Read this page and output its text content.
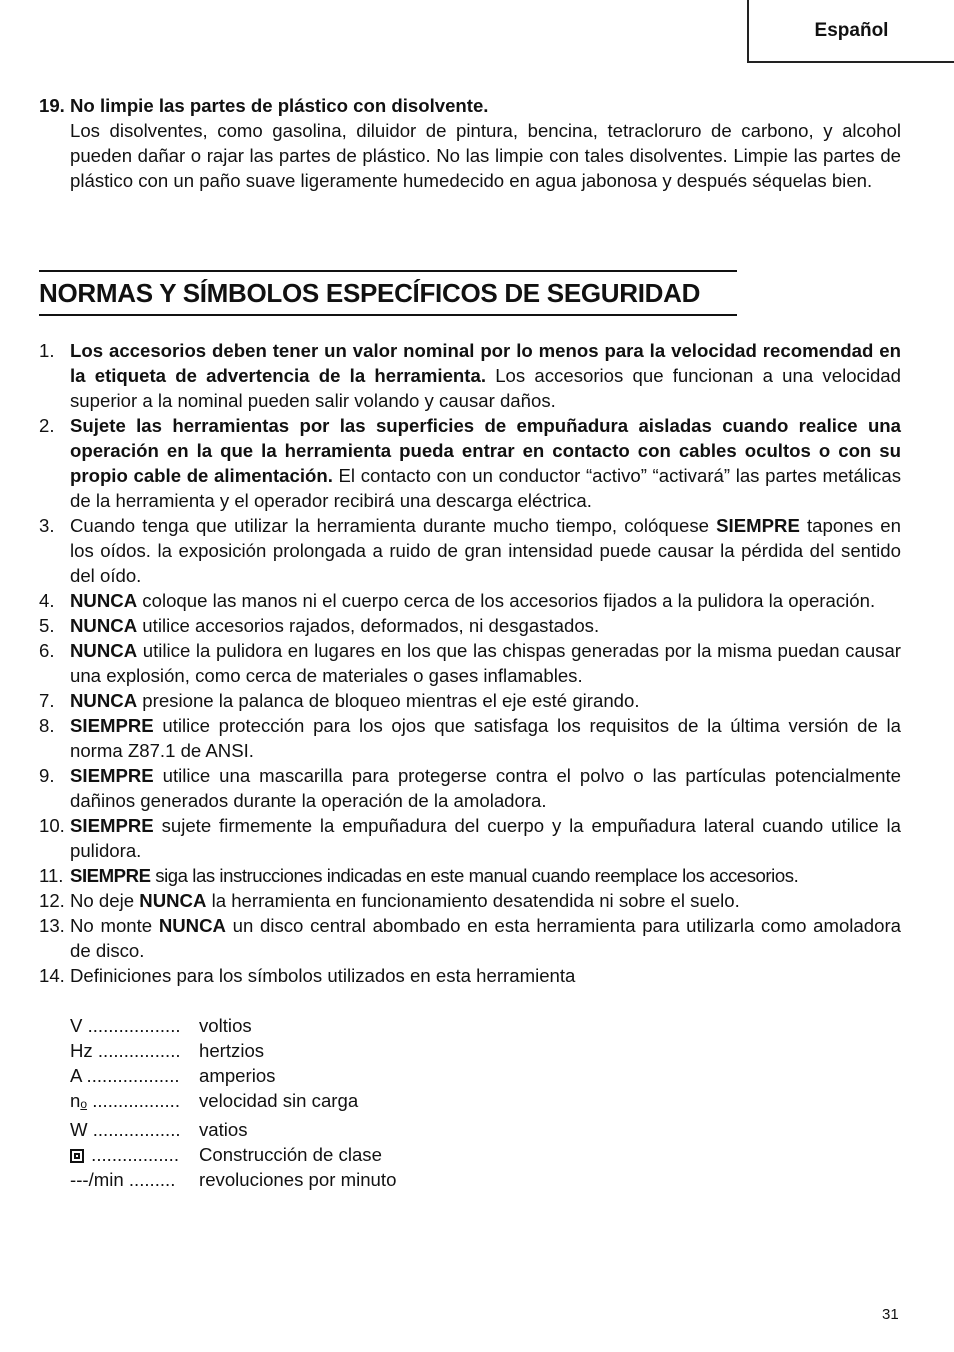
Español
19. No limpie las partes de plástico con disolvente.
Los disolventes, como gasolina, diluidor de pintura, bencina, tetracloruro de carbono, y alcohol pueden dañar o rajar las partes de plástico. No las limpie con tales disolventes. Limpie las partes de plástico con un paño suave ligeramente humedecido en agua jabonosa y después séquelas bien.
NORMAS Y SÍMBOLOS ESPECÍFICOS DE SEGURIDAD
1. Los accesorios deben tener un valor nominal por lo menos para la velocidad recomendad en la etiqueta de advertencia de la herramienta. Los accesorios que funcionan a una velocidad superior a la nominal pueden salir volando y causar daños.
2. Sujete las herramientas por las superficies de empuñadura aisladas cuando realice una operación en la que la herramienta pueda entrar en contacto con cables ocultos o con su propio cable de alimentación. El contacto con un conductor “activo” “activará” las partes metálicas de la herramienta y el operador recibirá una descarga eléctrica.
3. Cuando tenga que utilizar la herramienta durante mucho tiempo, colóquese SIEMPRE tapones en los oídos. la exposición prolongada a ruido de gran intensidad puede causar la pérdida del sentido del oído.
4. NUNCA coloque las manos ni el cuerpo cerca de los accesorios fijados a la pulidora la operación.
5. NUNCA utilice accesorios rajados, deformados, ni desgastados.
6. NUNCA utilice la pulidora en lugares en los que las chispas generadas por la misma puedan causar una explosión, como cerca de materiales o gases inflamables.
7. NUNCA presione la palanca de bloqueo mientras el eje esté girando.
8. SIEMPRE utilice protección para los ojos que satisfaga los requisitos de la última versión de la norma Z87.1 de ANSI.
9. SIEMPRE utilice una mascarilla para protegerse contra el polvo o las partículas potencialmente dañinos generados durante la operación de la amoladora.
10. SIEMPRE sujete firmemente la empuñadura del cuerpo y la empuñadura lateral cuando utilice la pulidora.
11. SIEMPRE siga las instrucciones indicadas en este manual cuando reemplace los accesorios.
12. No deje NUNCA la herramienta en funcionamiento desatendida ni sobre el suelo.
13. No monte NUNCA un disco central abombado en esta herramienta para utilizarla como amoladora de disco.
14. Definiciones para los símbolos utilizados en esta herramienta
V .................. voltios
Hz ................ hertzios
A ..................	amperios
no .................	velocidad sin carga
W ................. vatios
.................	Construcción de clase
---/min .........	revoluciones por minuto
31
